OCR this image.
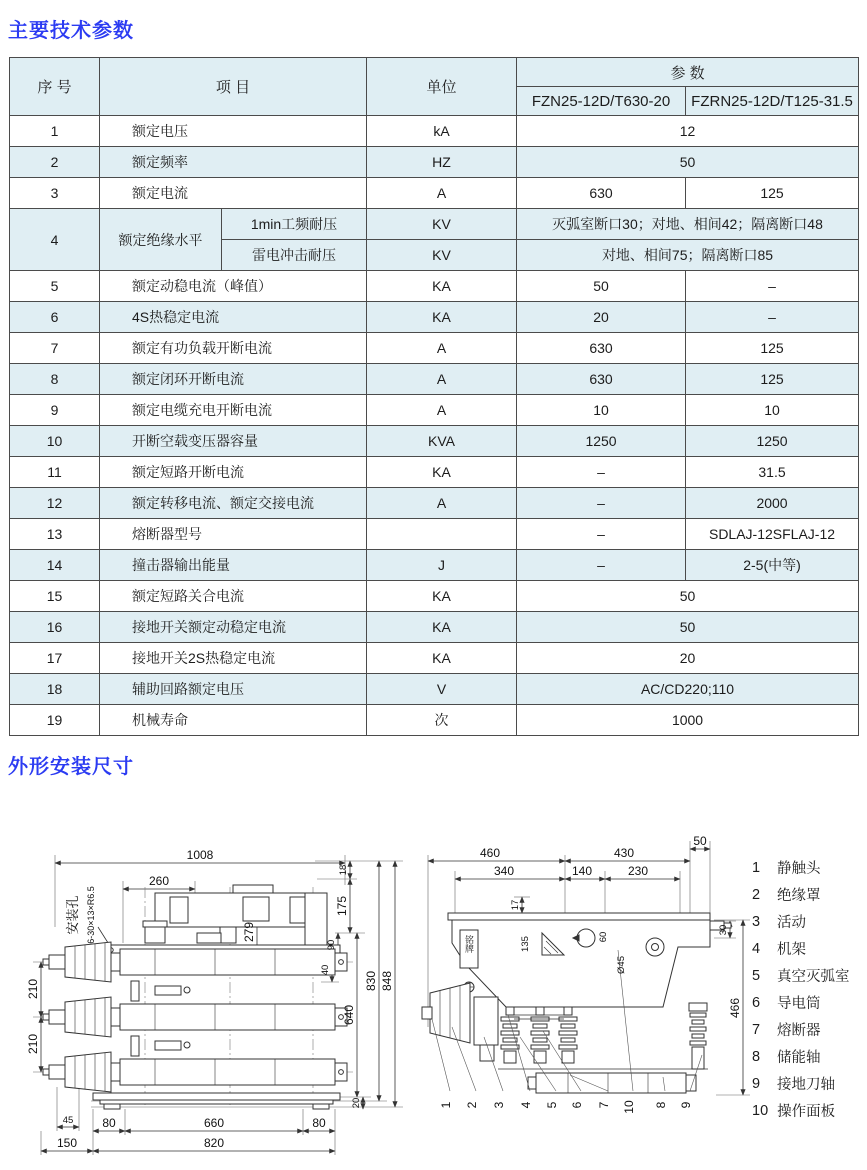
主要技术参数
序 号	项 目		单位	参 数	
				FZN25-12D/T630-20	FZRN25-12D/T125-31.5
1	额定电压		kA	12	
2	额定频率		HZ	50	
3	额定电流		A	630	125
4	额定绝缘水平	1min工频耐压	KV	灭弧室断口30；对地、相间42；隔离断口48	
		雷电冲击耐压	KV	对地、相间75；隔离断口85	
5	额定动稳电流（峰值）		KA	50	–
6	4S热稳定电流		KA	20	–
7	额定有功负载开断电流		A	630	125
8	额定闭环开断电流		A	630	125
9	额定电缆充电开断电流		A	10	10
10	开断空载变压器容量		KVA	1250	1250
11	额定短路开断电流		KA	–	31.5
12	额定转移电流、额定交接电流		A	–	2000
13	熔断器型号			–	SDLAJ-12SFLAJ-12
14	撞击器输出能量		J	–	2-5(中等)
15	额定短路关合电流		KA	50	
16	接地开关额定动稳定电流		KA	50	
17	接地开关2S热稳定电流		KA	20	
18	辅助回路额定电压		V	AC/CD220;110	
19	机械寿命		次	1000	
外形安装尺寸
1008
260
279
18
175
90
40
640
830 848
20
210
210
45 80	660	80
150	820
安装孔 6-30×13×R6.5
460	430
50
340	140	230
17
135	60
Ø45
30
466
铭牌
1 2 3 4 5 6 7 10 8 9
1	静触头
2	绝缘罩
3	活动
4	机架
5	真空灭弧室
6	导电筒
7	熔断器
8	储能轴
9	接地刀轴
10 操作面板
